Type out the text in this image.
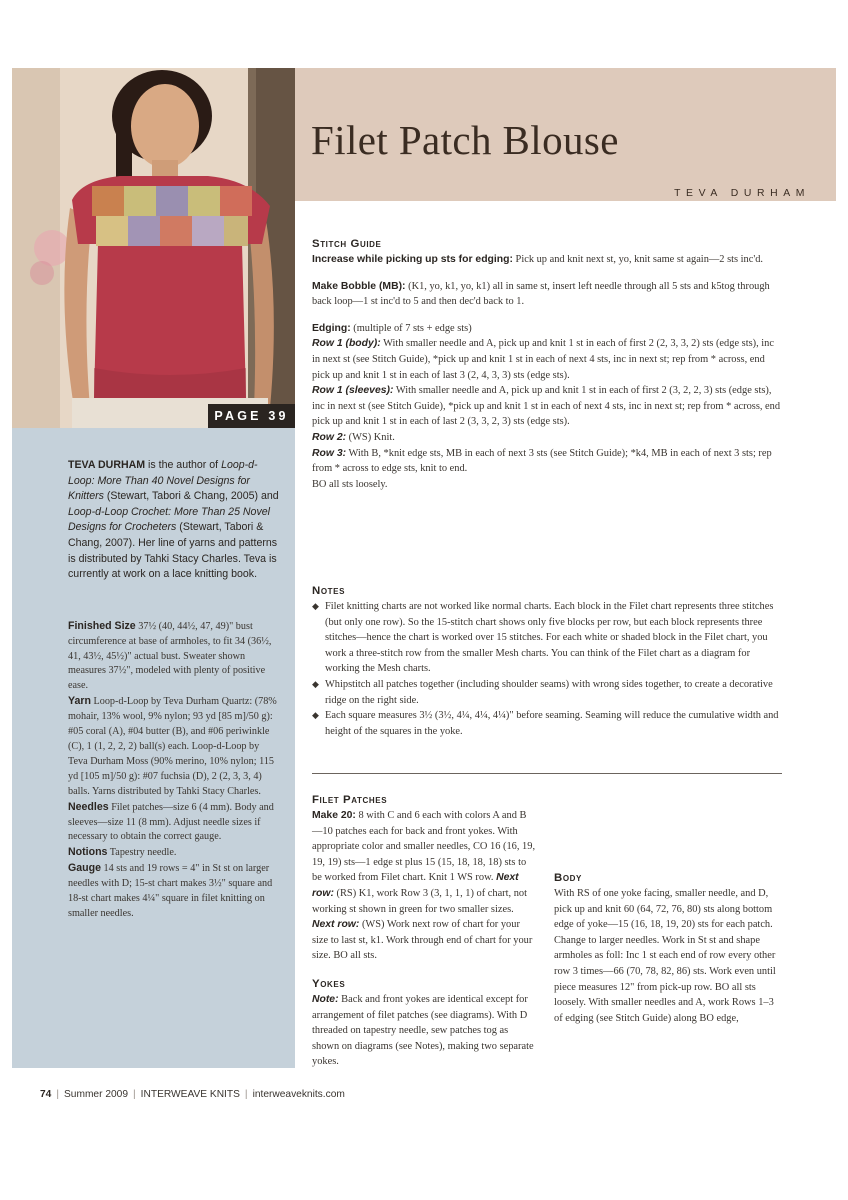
PAGE 39

TEVA DURHAM is the author of Loop-d-Loop: More Than 40 Novel Designs for Knitters (Stewart, Tabori & Chang, 2005) and Loop-d-Loop Crochet: More Than 25 Novel Designs for Crocheters (Stewart, Tabori & Chang, 2007). Her line of yarns and patterns is distributed by Tahki Stacy Charles. Teva is currently at work on a lace knitting book.

Finished Size 37½ (40, 44½, 47, 49)" bust circumference at base of armholes, to fit 34 (36½, 41, 43½, 45½)" actual bust. Sweater shown measures 37½", modeled with plenty of positive ease.

Yarn Loop-d-Loop by Teva Durham Quartz: (78% mohair, 13% wool, 9% nylon; 93 yd [85 m]/50 g): #05 coral (A), #04 butter (B), and #06 periwinkle (C), 1 (1, 2, 2, 2) ball(s) each. Loop-d-Loop by Teva Durham Moss (90% merino, 10% nylon; 115 yd [105 m]/50 g): #07 fuchsia (D), 2 (2, 3, 3, 4) balls. Yarns distributed by Tahki Stacy Charles.

Needles Filet patches—size 6 (4 mm). Body and sleeves—size 11 (8 mm). Adjust needle sizes if necessary to obtain the correct gauge.

Notions Tapestry needle.

Gauge 14 sts and 19 rows = 4" in St st on larger needles with D; 15-st chart makes 3½" square and 18-st chart makes 4¼" square in filet knitting on smaller needles.

Filet Patch Blouse
TEVA DURHAM
Stitch Guide

Increase while picking up sts for edging: Pick up and knit next st, yo, knit same st again—2 sts inc'd.

Make Bobble (MB): (K1, yo, k1, yo, k1) all in same st, insert left needle through all 5 sts and k5tog through back loop—1 st inc'd to 5 and then dec'd back to 1.

Edging: (multiple of 7 sts + edge sts)

Row 1 (body): With smaller needle and A, pick up and knit 1 st in each of first 2 (2, 3, 3, 2) sts (edge sts), inc in next st (see Stitch Guide), *pick up and knit 1 st in each of next 4 sts, inc in next st; rep from * across, end pick up and knit 1 st in each of last 3 (2, 4, 3, 3) sts (edge sts).

Row 1 (sleeves): With smaller needle and A, pick up and knit 1 st in each of first 2 (3, 2, 2, 3) sts (edge sts), inc in next st (see Stitch Guide), *pick up and knit 1 st in each of next 4 sts, inc in next st; rep from * across, end pick up and knit 1 st in each of last 2 (3, 3, 2, 3) sts (edge sts).

Row 2: (WS) Knit.

Row 3: With B, *knit edge sts, MB in each of next 3 sts (see Stitch Guide); *k4, MB in each of next 3 sts; rep from * across to edge sts, knit to end.

BO all sts loosely.

Notes
◆ Filet knitting charts are not worked like normal charts. Each block in the Filet chart represents three stitches (but only one row). So the 15-stitch chart shows only five blocks per row, but each block represents three stitches—hence the chart is worked over 15 stitches. For each white or shaded block in the Filet chart, you work a three-stitch row from the smaller Mesh charts. You can think of the Filet chart as a diagram for working the Mesh charts.
◆ Whipstitch all patches together (including shoulder seams) with wrong sides together, to create a decorative ridge on the right side.
◆ Each square measures 3½ (3½, 4¼, 4¼, 4¼)" before seaming. Seaming will reduce the cumulative width and height of the squares in the yoke.
Filet Patches

Make 20: 8 with C and 6 each with colors A and B—10 patches each for back and front yokes. With appropriate color and smaller needles, CO 16 (16, 19, 19, 19) sts—1 edge st plus 15 (15, 18, 18, 18) sts to be worked from Filet chart. Knit 1 WS row. Next row: (RS) K1, work Row 3 (3, 1, 1, 1) of chart, not working st shown in green for two smaller sizes. Next row: (WS) Work next row of chart for your size to last st, k1. Work through end of chart for your size. BO all sts.

Yokes

Note: Back and front yokes are identical except for arrangement of filet patches (see diagrams). With D threaded on tapestry needle, sew patches tog as shown on diagrams (see Notes), making two separate yokes.

Body

With RS of one yoke facing, smaller needle, and D, pick up and knit 60 (64, 72, 76, 80) sts along bottom edge of yoke—15 (16, 18, 19, 20) sts for each patch. Change to larger needles. Work in St st and shape armholes as foll: Inc 1 st each end of row every other row 3 times—66 (70, 78, 82, 86) sts. Work even until piece measures 12" from pick-up row. BO all sts loosely. With smaller needles and A, work Rows 1–3 of edging (see Stitch Guide) along BO edge,

74 | Summer 2009 | INTERWEAVE KNITS | interweaveknits.com
